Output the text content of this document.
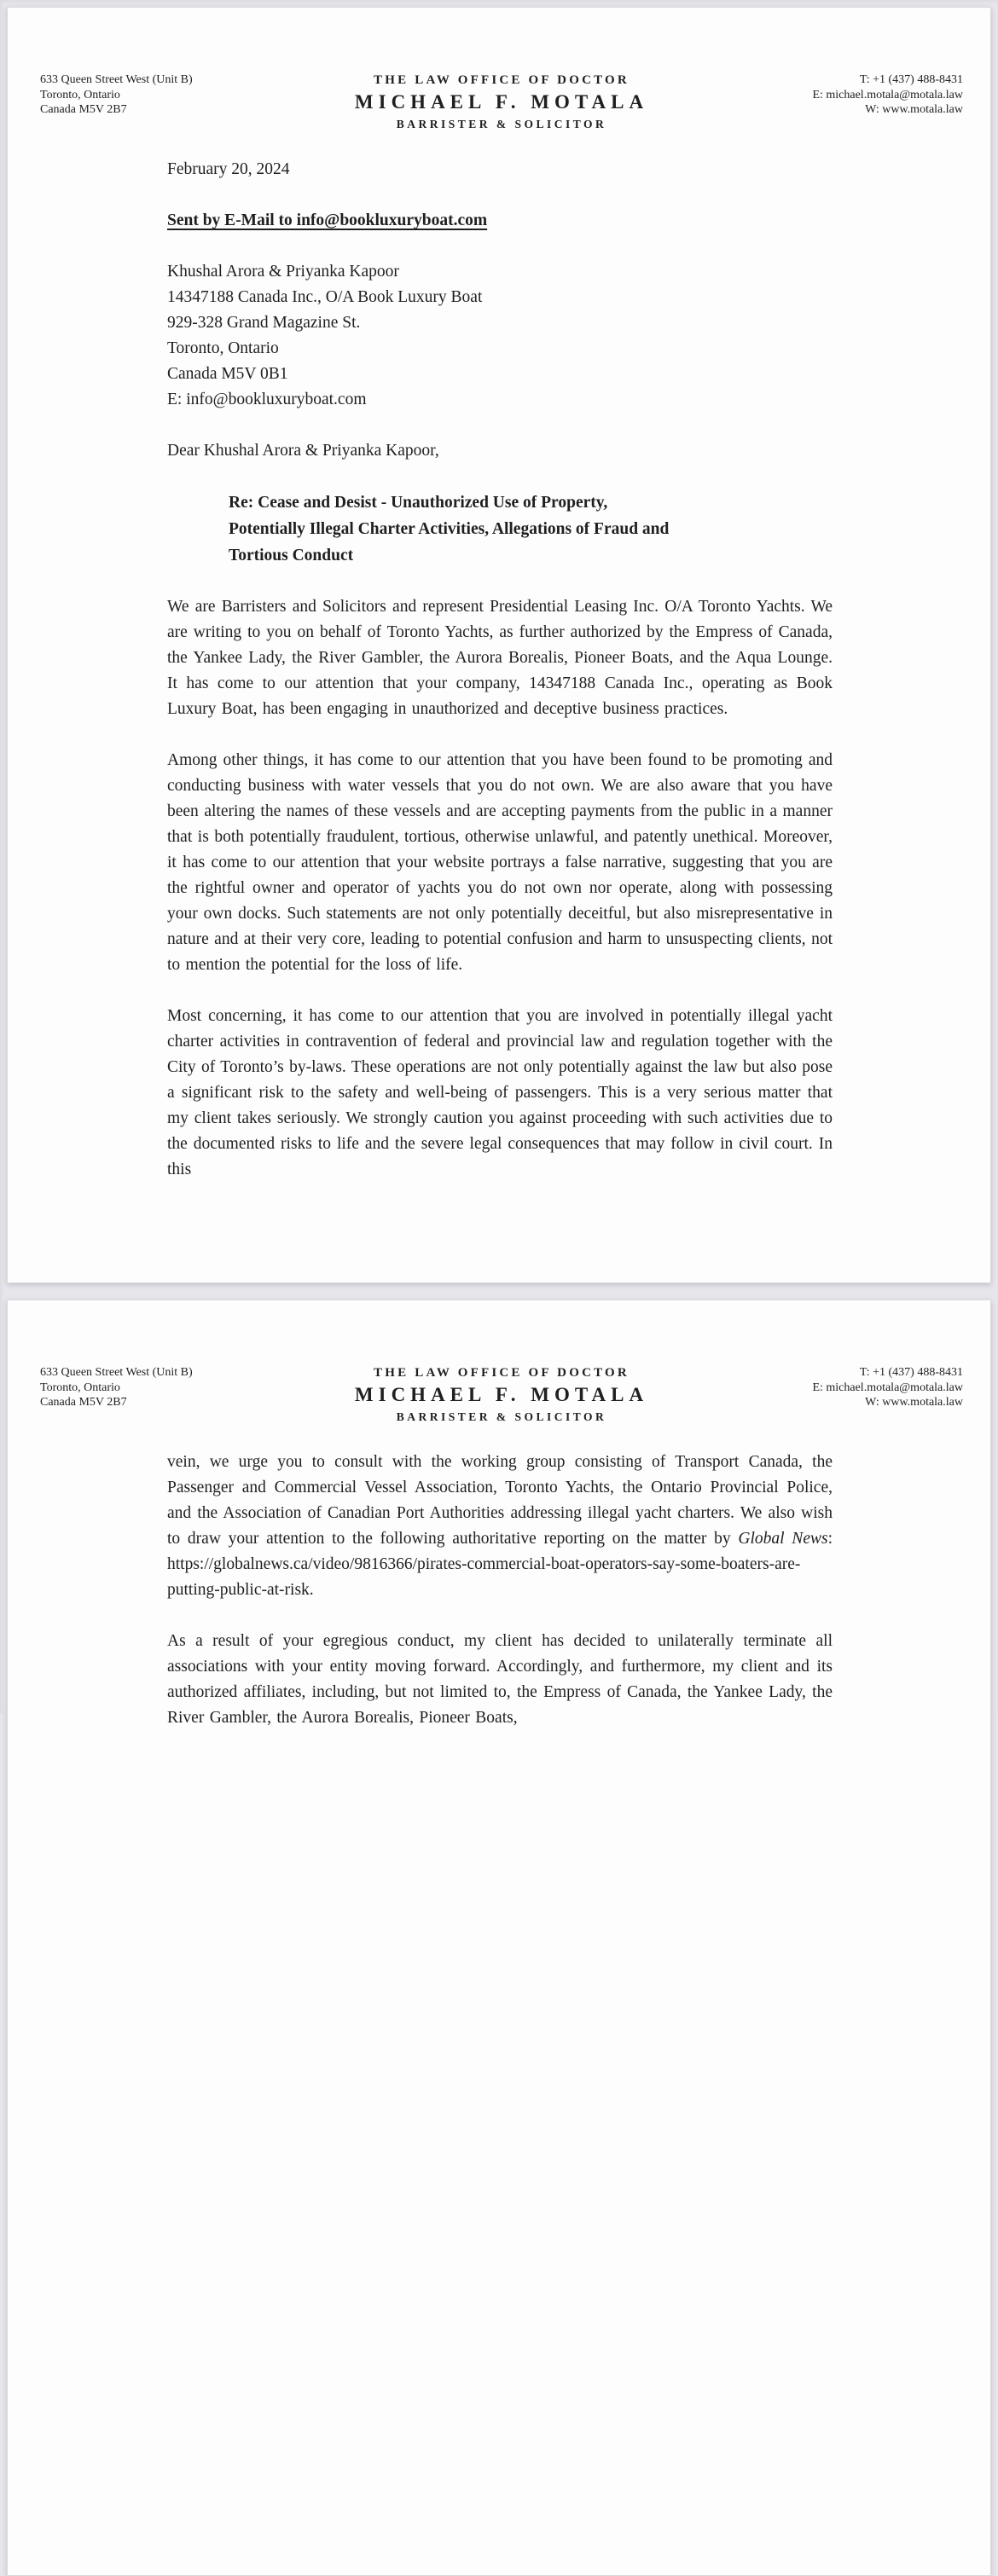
633 Queen Street West (Unit B)
Toronto, Ontario
Canada M5V 2B7
THE LAW OFFICE OF DOCTOR
MICHAEL F. MOTALA
BARRISTER & SOLICITOR
T: +1 (437) 488-8431
E: michael.motala@motala.law
W: www.motala.law
February 20, 2024
Sent by E-Mail to info@bookluxuryboat.com
Khushal Arora & Priyanka Kapoor
14347188 Canada Inc., O/A Book Luxury Boat
929-328 Grand Magazine St.
Toronto, Ontario
Canada M5V 0B1
E: info@bookluxuryboat.com
Dear Khushal Arora & Priyanka Kapoor,
Re: Cease and Desist - Unauthorized Use of Property,
Potentially Illegal Charter Activities, Allegations of Fraud and
Tortious Conduct

We are Barristers and Solicitors and represent Presidential Leasing Inc. O/A Toronto Yachts. We are writing to you on behalf of Toronto Yachts, as further authorized by the Empress of Canada, the Yankee Lady, the River Gambler, the Aurora Borealis, Pioneer Boats, and the Aqua Lounge. It has come to our attention that your company, 14347188 Canada Inc., operating as Book Luxury Boat, has been engaging in unauthorized and deceptive business practices.

Among other things, it has come to our attention that you have been found to be promoting and conducting business with water vessels that you do not own. We are also aware that you have been altering the names of these vessels and are accepting payments from the public in a manner that is both potentially fraudulent, tortious, otherwise unlawful, and patently unethical. Moreover, it has come to our attention that your website portrays a false narrative, suggesting that you are the rightful owner and operator of yachts you do not own nor operate, along with possessing your own docks. Such statements are not only potentially deceitful, but also misrepresentative in nature and at their very core, leading to potential confusion and harm to unsuspecting clients, not to mention the potential for the loss of life.

Most concerning, it has come to our attention that you are involved in potentially illegal yacht charter activities in contravention of federal and provincial law and regulation together with the City of Toronto’s by-laws. These operations are not only potentially against the law but also pose a significant risk to the safety and well-being of passengers. This is a very serious matter that my client takes seriously. We strongly caution you against proceeding with such activities due to the documented risks to life and the severe legal consequences that may follow in civil court. In this

633 Queen Street West (Unit B)
Toronto, Ontario
Canada M5V 2B7
THE LAW OFFICE OF DOCTOR
MICHAEL F. MOTALA
BARRISTER & SOLICITOR
T: +1 (437) 488-8431
E: michael.motala@motala.law
W: www.motala.law

vein, we urge you to consult with the working group consisting of Transport Canada, the Passenger and Commercial Vessel Association, Toronto Yachts, the Ontario Provincial Police, and the Association of Canadian Port Authorities addressing illegal yacht charters. We also wish to draw your attention to the following authoritative reporting on the matter by Global News: https://globalnews.ca/video/9816366/pirates-commercial-boat-operators-say-some-boaters-are-putting-public-at-risk.

As a result of your egregious conduct, my client has decided to unilaterally terminate all associations with your entity moving forward. Accordingly, and furthermore, my client and its authorized affiliates, including, but not limited to, the Empress of Canada, the Yankee Lady, the River Gambler, the Aurora Borealis, Pioneer Boats,
